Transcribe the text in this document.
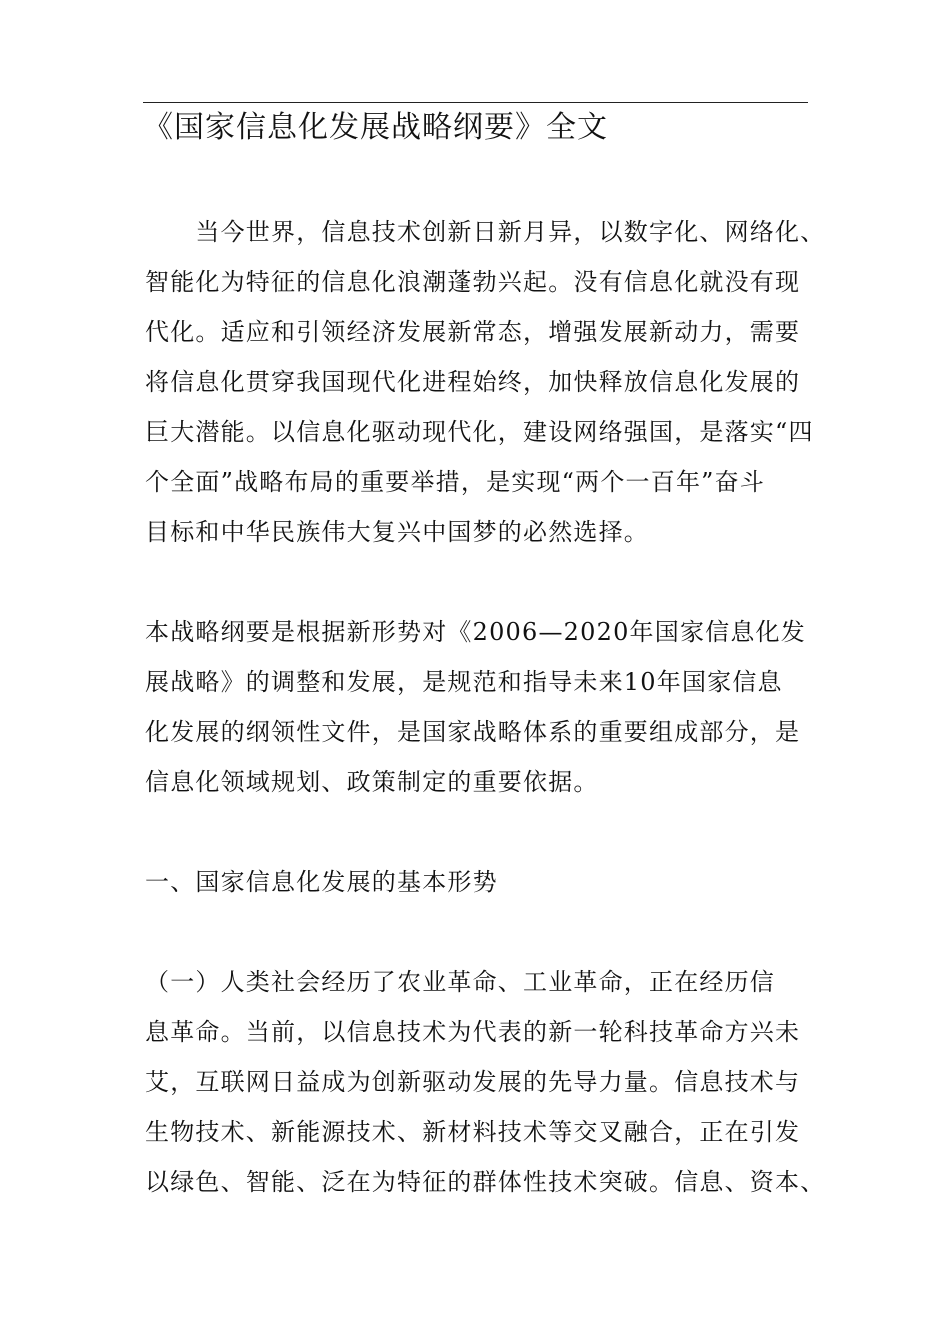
《国家信息化发展战略纲要》全文
　　当今世界，信息技术创新日新月异，以数字化、网络化、
智能化为特征的信息化浪潮蓬勃兴起。没有信息化就没有现
代化。适应和引领经济发展新常态，增强发展新动力，需要
将信息化贯穿我国现代化进程始终，加快释放信息化发展的
巨大潜能。以信息化驱动现代化，建设网络强国，是落实“四
个全面”战略布局的重要举措，是实现“两个一百年”奋斗
目标和中华民族伟大复兴中国梦的必然选择。
本战略纲要是根据新形势对《2006—2020年国家信息化发
展战略》的调整和发展，是规范和指导未来10年国家信息
化发展的纲领性文件，是国家战略体系的重要组成部分，是
信息化领域规划、政策制定的重要依据。
一、国家信息化发展的基本形势
（一）人类社会经历了农业革命、工业革命，正在经历信
息革命。当前，以信息技术为代表的新一轮科技革命方兴未
艾，互联网日益成为创新驱动发展的先导力量。信息技术与
生物技术、新能源技术、新材料技术等交叉融合，正在引发
以绿色、智能、泛在为特征的群体性技术突破。信息、资本、
